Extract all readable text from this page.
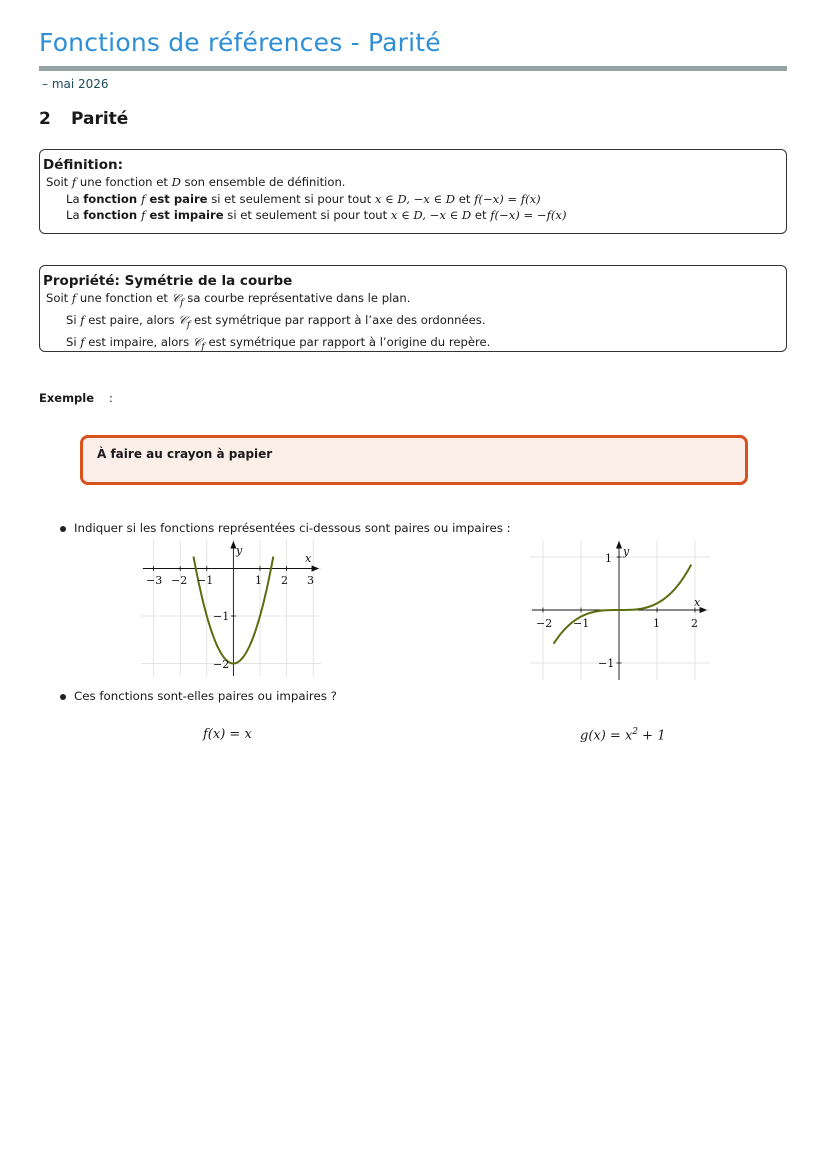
Fonctions de références - Parité
– mai 2026
2 Parité
Définition:
Soit f une fonction et D son ensemble de définition.
La fonction f est paire si et seulement si pour tout x ∈ D, −x ∈ D et f(−x) = f(x)
La fonction f est impaire si et seulement si pour tout x ∈ D, −x ∈ D et f(−x) = −f(x)
Propriété: Symétrie de la courbe
Soit f une fonction et 𝒞$_f$ sa courbe représentative dans le plan.
Si f est paire, alors 𝒞$_f$ est symétrique par rapport à l’axe des ordonnées.
Si f est impaire, alors 𝒞$_f$ est symétrique par rapport à l’origine du repère.
Exemple :
À faire au crayon à papier
Indiquer si les fonctions représentées ci-dessous sont paires ou impaires :
−3 −2 −1	1 2 3
−1
−2
x
y
−2 −1	1	2
1
−1
x
y
Ces fonctions sont-elles paires ou impaires ?
f(x) = x	$g(x) = x^2 + 1$
